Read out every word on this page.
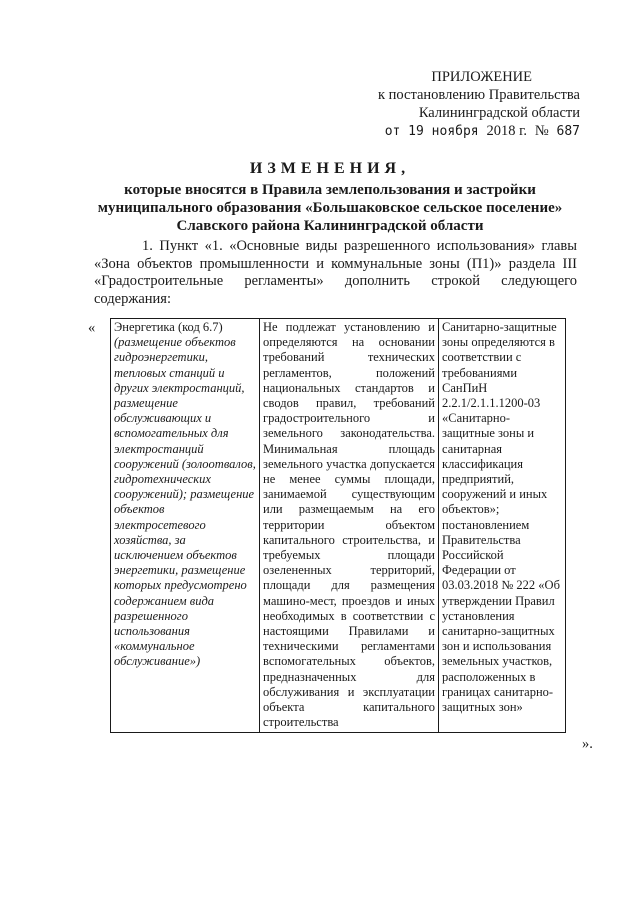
ПРИЛОЖЕНИЕ
к постановлению Правительства
Калининградской области
от 19 ноября 2018 г. № 687
ИЗМЕНЕНИЯ,
которые вносятся в Правила землепользования и застройки
муниципального образования «Большаковское сельское поселение»
Славского района Калининградской области
1. Пункт «1. «Основные виды разрешенного использования» главы «Зона объектов промышленности и коммунальные зоны (П1)» раздела III «Градостроительные регламенты» дополнить строкой следующего содержания:
« Энергетика (код 6.7) (размещение объектов гидроэнергетики, тепловых станций и других электростанций, размещение обслуживающих и вспомогательных для электростанций сооружений (золоотвалов, гидротехнических сооружений); размещение объектов электросетевого хозяйства, за исключением объектов энергетики, размещение которых предусмотрено содержанием вида разрешенного использования «коммунальное обслуживание»)	Не подлежат установлению и определяются на основании требований технических регламентов, положений национальных стандартов и сводов правил, требований градостроительного и земельного законодательства. Минимальная площадь земельного участка допускается не менее суммы площади, занимаемой существующим или размещаемым на его территории объектом капитального строительства, и требуемых площади озелененных территорий, площади для размещения машино-мест, проездов и иных необходимых в соответствии с настоящими Правилами и техническими регламентами вспомогательных объектов, предназначенных для обслуживания и эксплуатации объекта капитального строительства	Санитарно-защитные зоны определяются в соответствии с требованиями СанПиН 2.2.1/2.1.1.1200-03 «Санитарно-защитные зоны и санитарная классификация предприятий, сооружений и иных объектов»; постановлением Правительства Российской Федерации от 03.03.2018 № 222 «Об утверждении Правил установления санитарно-защитных зон и использования земельных участков, расположенных в границах санитарно-защитных зон»
».
